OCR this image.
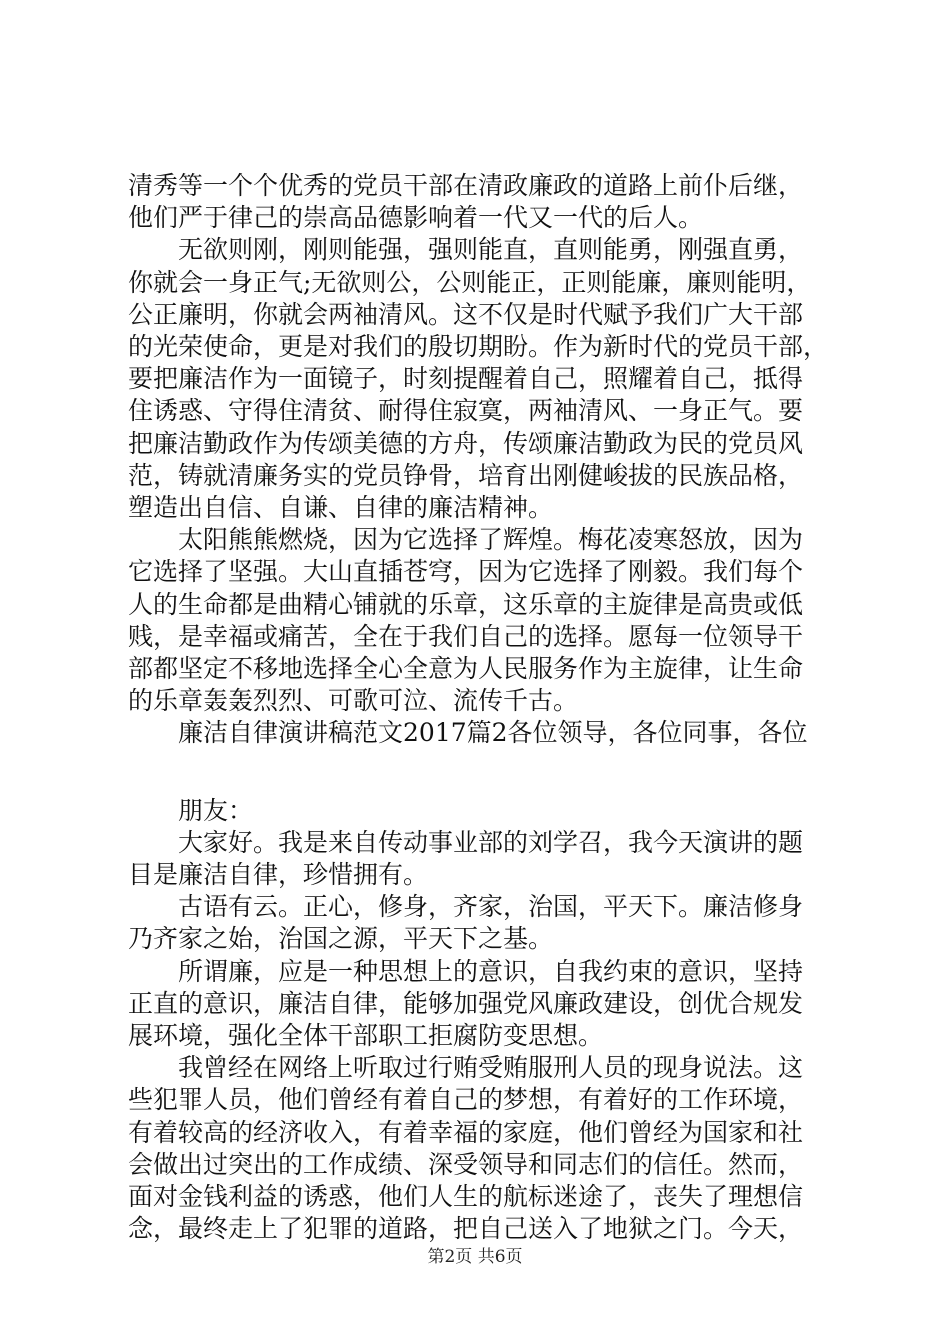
清秀等一个个优秀的党员干部在清政廉政的道路上前仆后继，
他们严于律己的崇高品德影响着一代又一代的后人。
　　无欲则刚，刚则能强，强则能直，直则能勇，刚强直勇，
你就会一身正气;无欲则公，公则能正，正则能廉，廉则能明，
公正廉明，你就会两袖清风。这不仅是时代赋予我们广大干部
的光荣使命，更是对我们的殷切期盼。作为新时代的党员干部，
要把廉洁作为一面镜子，时刻提醒着自己，照耀着自己，抵得
住诱惑、守得住清贫、耐得住寂寞，两袖清风、一身正气。要
把廉洁勤政作为传颂美德的方舟，传颂廉洁勤政为民的党员风
范，铸就清廉务实的党员铮骨，培育出刚健峻拔的民族品格，
塑造出自信、自谦、自律的廉洁精神。
　　太阳熊熊燃烧，因为它选择了辉煌。梅花凌寒怒放，因为
它选择了坚强。大山直插苍穹，因为它选择了刚毅。我们每个
人的生命都是曲精心铺就的乐章，这乐章的主旋律是高贵或低
贱，是幸福或痛苦，全在于我们自己的选择。愿每一位领导干
部都坚定不移地选择全心全意为人民服务作为主旋律，让生命
的乐章轰轰烈烈、可歌可泣、流传千古。
　　廉洁自律演讲稿范文2017篇2各位领导，各位同事，各位
　　朋友：
　　大家好。我是来自传动事业部的刘学召，我今天演讲的题
目是廉洁自律，珍惜拥有。
　　古语有云。正心，修身，齐家，治国，平天下。廉洁修身
乃齐家之始，治国之源，平天下之基。
　　所谓廉，应是一种思想上的意识，自我约束的意识，坚持
正直的意识，廉洁自律，能够加强党风廉政建设，创优合规发
展环境，强化全体干部职工拒腐防变思想。
　　我曾经在网络上听取过行贿受贿服刑人员的现身说法。这
些犯罪人员，他们曾经有着自己的梦想，有着好的工作环境，
有着较高的经济收入，有着幸福的家庭，他们曾经为国家和社
会做出过突出的工作成绩、深受领导和同志们的信任。然而，
面对金钱利益的诱惑，他们人生的航标迷途了，丧失了理想信
念，最终走上了犯罪的道路，把自己送入了地狱之门。今天，
第2页 共6页
